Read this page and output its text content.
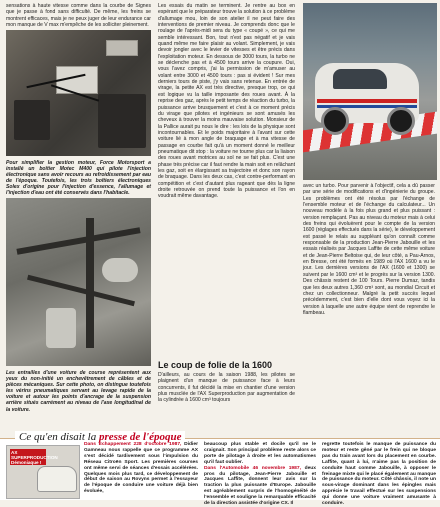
sensations à haute vitesse comme dans la courbe de Signes que je passe à fond sans difficulté. De même, les freins se montrent efficaces, mais je ne peux juger de leur endurance car mon manque de V max m'empêche de les solliciter pleinement.

Pour simplifier la gestion moteur, Force Motorsport a installé un boîtier Motec M400 qui pilote l'injection électronique sans avoir recours au refroidissement par eau de l'époque. Toutefois, les trois boîtiers électroniques Solex d'origine pour l'injection d'essence, l'allumage et l'injection d'eau ont été conservés dans l'habitacle.
Les entrailles d'une voiture de course représentent aux yeux du non-initié un enchevêtrement de câbles et de pièces mécaniques. Sur cette photo, on distingue toutefois les vérins pneumatiques servant au levage rapide de la voiture et autour les points d'ancrage de la suspension arrière situés carrément au niveau de l'axe longitudinal de la voiture.

Les essais du matin se terminent. Je rentre au box en espérant que le préparateur trouve la solution à ce problème d'allumage mou, loin de son atelier il ne peut faire des interventions de premier niveau. Je comprends donc que le roulage de l'après-midi sera du type « coupé », ce qui me semble intéressant. Bon, tout n'est pas négatif et je vais quand même me faire plaisir au volant. Simplement, je vais devoir jongler avec le levier de vitesses et être précis dans l'exploitation moteur. En dessous de 3000 tours, la turbo ne se déclenche pas et à 4500 tours arrive la coupure. Oui, vous l'avez compris, j'ai la permission de m'amuser au volant entre 3000 et 4500 tours : pas si évident ! Sur mes derniers tours de piste, j'y vais sans retenue. En entrée de virage, la petite AX est très directive, presque trop, ce qui est logique vu la taille imposante des roues avant. À la reprise des gaz, après le petit temps de réaction du turbo, la puissance arrive brusquement et c'est à ce moment précis du virage que pilotes et ingénieurs se sont amusés les cheveux à trouver la moins mauvaise solution. Monsieur de la Pallice aurait pu nous le dire : les lois de la physique sont incontournables. Et le poids majoritaire à l'avant sur cette voiture lié à mon angle de braquage et à ma vitesse de passage en courbe fait qu'à un moment donné le meilleur pneumatique dit stop : la voiture ne tourne plus car la liaison des roues avant motrices au sol ne se fait plus. C'est une phase très précise car il faut rendre la main soit en relâchant les gaz, soit en élargissant sa trajectoire et donc son rayon de braquage. Dans les deux cas, c'est contre-performant en compétition et c'est d'autant plus rageant que dès la ligne droite retrouvée on prend toute la puissance et l'on en voudrait même davantage.

Le coup de folie de la 1600

D'ailleurs, au cours de la saison 1988, les pilotes se plaignent d'un manque de puissance face à leurs concurrents, il fut décidé la mise en chantier d'une version plus musclée de l'AX Superproduction par augmentation de la cylindrée à 1600 cm³ toujours

avec un turbo. Pour parvenir à l'objectif, cela a dû passer par une série de modifications et d'ingénierie du groupe. Les problèmes ont été résolus par l'échange de l'ensemble moteur et de l'échange du calculateur... Un nouveau modèle à la fois plus grand et plus puissant : version remplaçant. Pas au niveau du moteur mais à celui des freins qui évoluèrent pour le compte de la version 1600 (réglages effectués dans la série), le développement est passé le relais au suppléant qu'on connaît comme responsable de la production Jean-Pierre Jabouille et les essais réalisés par Jacques Laffite de cette même voiture et de Jean-Pierre Beltoise qui, de leur côté, a Pau-Arnos, en Bresse, ont été formés en 1989 où l'AX 1600 a vu le jour. Les dernières versions de l'AX (1600 et 1300) se suivent par le 1600 cm³ et le progrès sur la version 1300. Des châssis restent de 100 Tours. Pierre Dumaz, tandis que les deux autres 1,360 cm³ sont, au mondial Circuit et chez un collectionneur. Malgré la petit succès lequel précédemment, c'est bien d'elle dont vous voyez ici la version à laquelle une autre équipe vient de reprendre le flambeau.

Ce qu'en disait la presse de l'époque
AX SUPERPRODUCTION Démoniaque !

Dans Echappement 228 d'octobre 1987, Didier Gamneau nous rappelle que ce programme AX s'est décidé tardivement sous l'impulsion du Réseau Citroën Sport. Les premières courses ont même servi de séances d'essais accélérées. Quelques mois plus tard, ce développement de début de saison au Rovyns permet à l'essayeur de l'époque de conduire une voiture déjà bien évoluée,

beaucoup plus stable et docile qu'il ne le craignait. Son principal problème reste alors ce porte de pilotage à droite et les automatismes qu'il faut oublier.

Dans l'Automobile 46 novembre 1987, deux pros du pilotage, Jean-Pierre Jabouille et Jacques Laffite, donnent leur avis sur la traction la plus puissante d'Europe. Jabouille est agréablement surpris de l'homogénéité de l'ensemble et souligne la remarquable efficacité de la direction assistée d'origine CX. Il

regrette toutefois le manque de puissance du moteur et reste gêné par le frein qui ne bloque pas du train avant lors du placement en courbe. Laffite, quant à lui, n'aime pas la position de conduite haut comme Jabouille, à opposer le freinage mixte qui le placé également au manque de puissance du moteur. Côté châssis, il note un sous-virage dominant dans les épingles mais apprécie le travail effectué sur les suspensions qui donne une voiture vraiment amusante à conduire.
